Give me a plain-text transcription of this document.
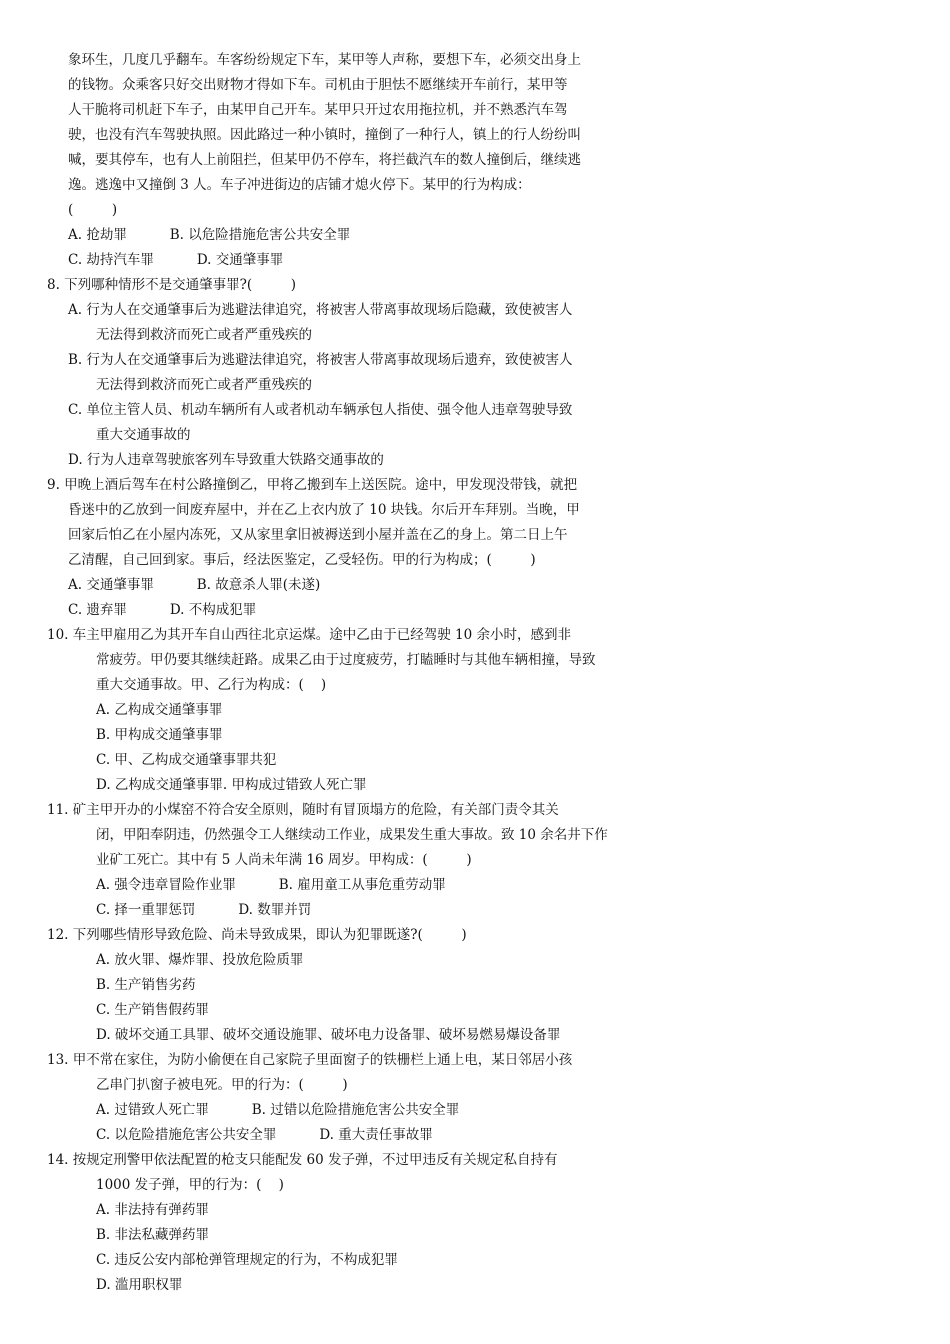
象环生，几度几乎翻车。车客纷纷规定下车，某甲等人声称，要想下车，必须交出身上
的钱物。众乘客只好交出财物才得如下车。司机由于胆怯不愿继续开车前行，某甲等
人干脆将司机赶下车子，由某甲自己开车。某甲只开过农用拖拉机，并不熟悉汽车驾
驶，也没有汽车驾驶执照。因此路过一种小镇时，撞倒了一种行人，镇上的行人纷纷叫
喊，要其停车，也有人上前阻拦，但某甲仍不停车，将拦截汽车的数人撞倒后，继续逃
逸。逃逸中又撞倒 3 人。车子冲进街边的店铺才熄火停下。某甲的行为构成：
(         )
A. 抢劫罪          B. 以危险措施危害公共安全罪
C. 劫持汽车罪          D. 交通肇事罪
8. 下列哪种情形不是交通肇事罪?(         )
A. 行为人在交通肇事后为逃避法律追究，将被害人带离事故现场后隐藏，致使被害人
无法得到救济而死亡或者严重残疾的
B. 行为人在交通肇事后为逃避法律追究，将被害人带离事故现场后遗弃，致使被害人
无法得到救济而死亡或者严重残疾的
C. 单位主管人员、机动车辆所有人或者机动车辆承包人指使、强令他人违章驾驶导致
重大交通事故的
D. 行为人违章驾驶旅客列车导致重大铁路交通事故的
9. 甲晚上酒后驾车在村公路撞倒乙，甲将乙搬到车上送医院。途中，甲发现没带钱，就把
昏迷中的乙放到一间废弃屋中，并在乙上衣内放了 10 块钱。尔后开车拜别。当晚，甲
回家后怕乙在小屋内冻死，又从家里拿旧被褥送到小屋并盖在乙的身上。第二日上午
乙清醒，自己回到家。事后，经法医鉴定，乙受轻伤。甲的行为构成；(         )
A. 交通肇事罪          B. 故意杀人罪(未遂)
C. 遗弃罪          D. 不构成犯罪
10. 车主甲雇用乙为其开车自山西往北京运煤。途中乙由于已经驾驶 10 余小时，感到非
常疲劳。甲仍要其继续赶路。成果乙由于过度疲劳，打瞌睡时与其他车辆相撞，导致
重大交通事故。甲、乙行为构成：(    )
A. 乙构成交通肇事罪
B. 甲构成交通肇事罪
C. 甲、乙构成交通肇事罪共犯
D. 乙构成交通肇事罪. 甲构成过错致人死亡罪
11. 矿主甲开办的小煤窑不符合安全原则，随时有冒顶塌方的危险，有关部门责令其关
闭，甲阳奉阴违，仍然强令工人继续动工作业，成果发生重大事故。致 10 余名井下作
业矿工死亡。其中有 5 人尚未年满 16 周岁。甲构成：(         )
A. 强令违章冒险作业罪          B. 雇用童工从事危重劳动罪
C. 择一重罪惩罚          D. 数罪并罚
12. 下列哪些情形导致危险、尚未导致成果，即认为犯罪既遂?(         )
A. 放火罪、爆炸罪、投放危险质罪
B. 生产销售劣药
C. 生产销售假药罪
D. 破坏交通工具罪、破坏交通设施罪、破坏电力设备罪、破坏易燃易爆设备罪
13. 甲不常在家住，为防小偷便在自己家院子里面窗子的铁栅栏上通上电，某日邻居小孩
乙串门扒窗子被电死。甲的行为：(         )
A. 过错致人死亡罪          B. 过错以危险措施危害公共安全罪
C. 以危险措施危害公共安全罪          D. 重大责任事故罪
14. 按规定刑警甲依法配置的枪支只能配发 60 发子弹，不过甲违反有关规定私自持有
1000 发子弹，甲的行为：(    )
A. 非法持有弹药罪
B. 非法私藏弹药罪
C. 违反公安内部枪弹管理规定的行为，不构成犯罪
D. 滥用职权罪
